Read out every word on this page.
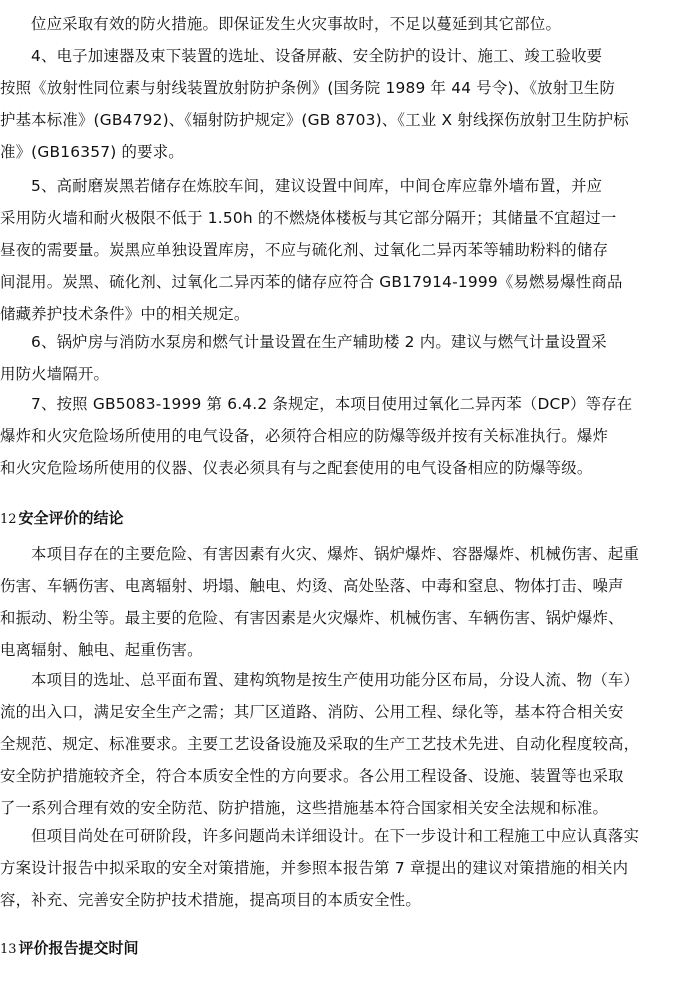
位应采取有效的防火措施。即保证发生火灾事故时，不足以蔓延到其它部位。
4、电子加速器及束下装置的选址、设备屏蔽、安全防护的设计、施工、竣工验收要
按照《放射性同位素与射线装置放射防护条例》(国务院 1989 年 44 号令)、《放射卫生防
护基本标准》(GB4792)、《辐射防护规定》(GB 8703)、《工业 X 射线探伤放射卫生防护标
准》(GB16357) 的要求。
5、高耐磨炭黑若储存在炼胶车间，建议设置中间库，中间仓库应靠外墙布置，并应
采用防火墙和耐火极限不低于 1.50h 的不燃烧体楼板与其它部分隔开；其储量不宜超过一
昼夜的需要量。炭黑应单独设置库房，不应与硫化剂、过氧化二异丙苯等辅助粉料的储存
间混用。炭黑、硫化剂、过氧化二异丙苯的储存应符合 GB17914-1999《易燃易爆性商品
储藏养护技术条件》中的相关规定。
6、锅炉房与消防水泵房和燃气计量设置在生产辅助楼 2 内。建议与燃气计量设置采
用防火墙隔开。
7、按照 GB5083-1999 第 6.4.2 条规定，本项目使用过氧化二异丙苯（DCP）等存在
爆炸和火灾危险场所使用的电气设备，必须符合相应的防爆等级并按有关标准执行。爆炸
和火灾危险场所使用的仪器、仪表必须具有与之配套使用的电气设备相应的防爆等级。
12 安全评价的结论
本项目存在的主要危险、有害因素有火灾、爆炸、锅炉爆炸、容器爆炸、机械伤害、起重
伤害、车辆伤害、电离辐射、坍塌、触电、灼烫、高处坠落、中毒和窒息、物体打击、噪声
和振动、粉尘等。最主要的危险、有害因素是火灾爆炸、机械伤害、车辆伤害、锅炉爆炸、
电离辐射、触电、起重伤害。
本项目的选址、总平面布置、建构筑物是按生产使用功能分区布局，分设人流、物（车）
流的出入口，满足安全生产之需；其厂区道路、消防、公用工程、绿化等，基本符合相关安
全规范、规定、标准要求。主要工艺设备设施及采取的生产工艺技术先进、自动化程度较高，
安全防护措施较齐全，符合本质安全性的方向要求。各公用工程设备、设施、装置等也采取
了一系列合理有效的安全防范、防护措施，这些措施基本符合国家相关安全法规和标准。
但项目尚处在可研阶段，许多问题尚未详细设计。在下一步设计和工程施工中应认真落实
方案设计报告中拟采取的安全对策措施，并参照本报告第 7 章提出的建议对策措施的相关内
容，补充、完善安全防护技术措施，提高项目的本质安全性。
13 评价报告提交时间
